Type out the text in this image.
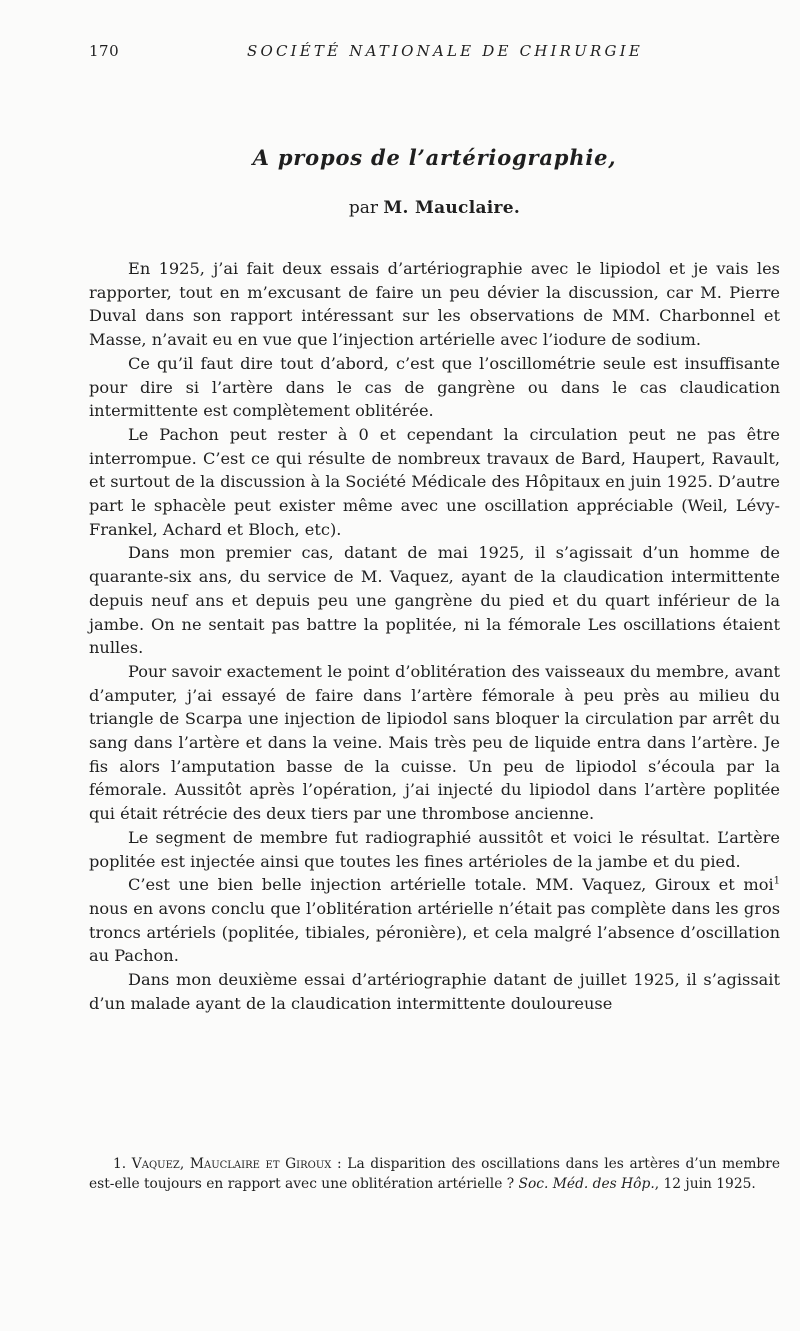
170	SOCIÉTÉ NATIONALE DE CHIRURGIE
A propos de l’artériographie,
par M. Mauclaire.

En 1925, j’ai fait deux essais d’artériographie avec le lipiodol et je vais les rapporter, tout en m’excusant de faire un peu dévier la discussion, car M. Pierre Duval dans son rapport intéressant sur les observations de MM. Charbonnel et Masse, n’avait eu en vue que l’injection artérielle avec l’iodure de sodium.

Ce qu’il faut dire tout d’abord, c’est que l’oscillométrie seule est insuffisante pour dire si l’artère dans le cas de gangrène ou dans le cas claudication intermittente est complètement oblitérée.

Le Pachon peut rester à 0 et cependant la circulation peut ne pas être interrompue. C’est ce qui résulte de nombreux travaux de Bard, Haupert, Ravault, et surtout de la discussion à la Société Médicale des Hôpitaux en juin 1925. D’autre part le sphacèle peut exister même avec une oscillation appréciable (Weil, Lévy-Frankel, Achard et Bloch, etc).

Dans mon premier cas, datant de mai 1925, il s’agissait d’un homme de quarante-six ans, du service de M. Vaquez, ayant de la claudication intermittente depuis neuf ans et depuis peu une gangrène du pied et du quart inférieur de la jambe. On ne sentait pas battre la poplitée, ni la fémorale Les oscillations étaient nulles.

Pour savoir exactement le point d’oblitération des vaisseaux du membre, avant d’amputer, j’ai essayé de faire dans l’artère fémorale à peu près au milieu du triangle de Scarpa une injection de lipiodol sans bloquer la circulation par arrêt du sang dans l’artère et dans la veine. Mais très peu de liquide entra dans l’artère. Je fis alors l’amputation basse de la cuisse. Un peu de lipiodol s’écoula par la fémorale. Aussitôt après l’opération, j’ai injecté du lipiodol dans l’artère poplitée qui était rétrécie des deux tiers par une thrombose ancienne.

Le segment de membre fut radiographié aussitôt et voici le résultat. L’artère poplitée est injectée ainsi que toutes les fines artérioles de la jambe et du pied.

C’est une bien belle injection artérielle totale. MM. Vaquez, Giroux et moi$^1$ nous en avons conclu que l’oblitération artérielle n’était pas complète dans les gros troncs artériels (poplitée, tibiales, péronière), et cela malgré l’absence d’oscillation au Pachon.

Dans mon deuxième essai d’artériographie datant de juillet 1925, il s’agissait d’un malade ayant de la claudication intermittente douloureuse

1. Vaquez, Mauclaire et Giroux : La disparition des oscillations dans les artères d’un membre est-elle toujours en rapport avec une oblitération artérielle ? Soc. Méd. des Hôp., 12 juin 1925.
